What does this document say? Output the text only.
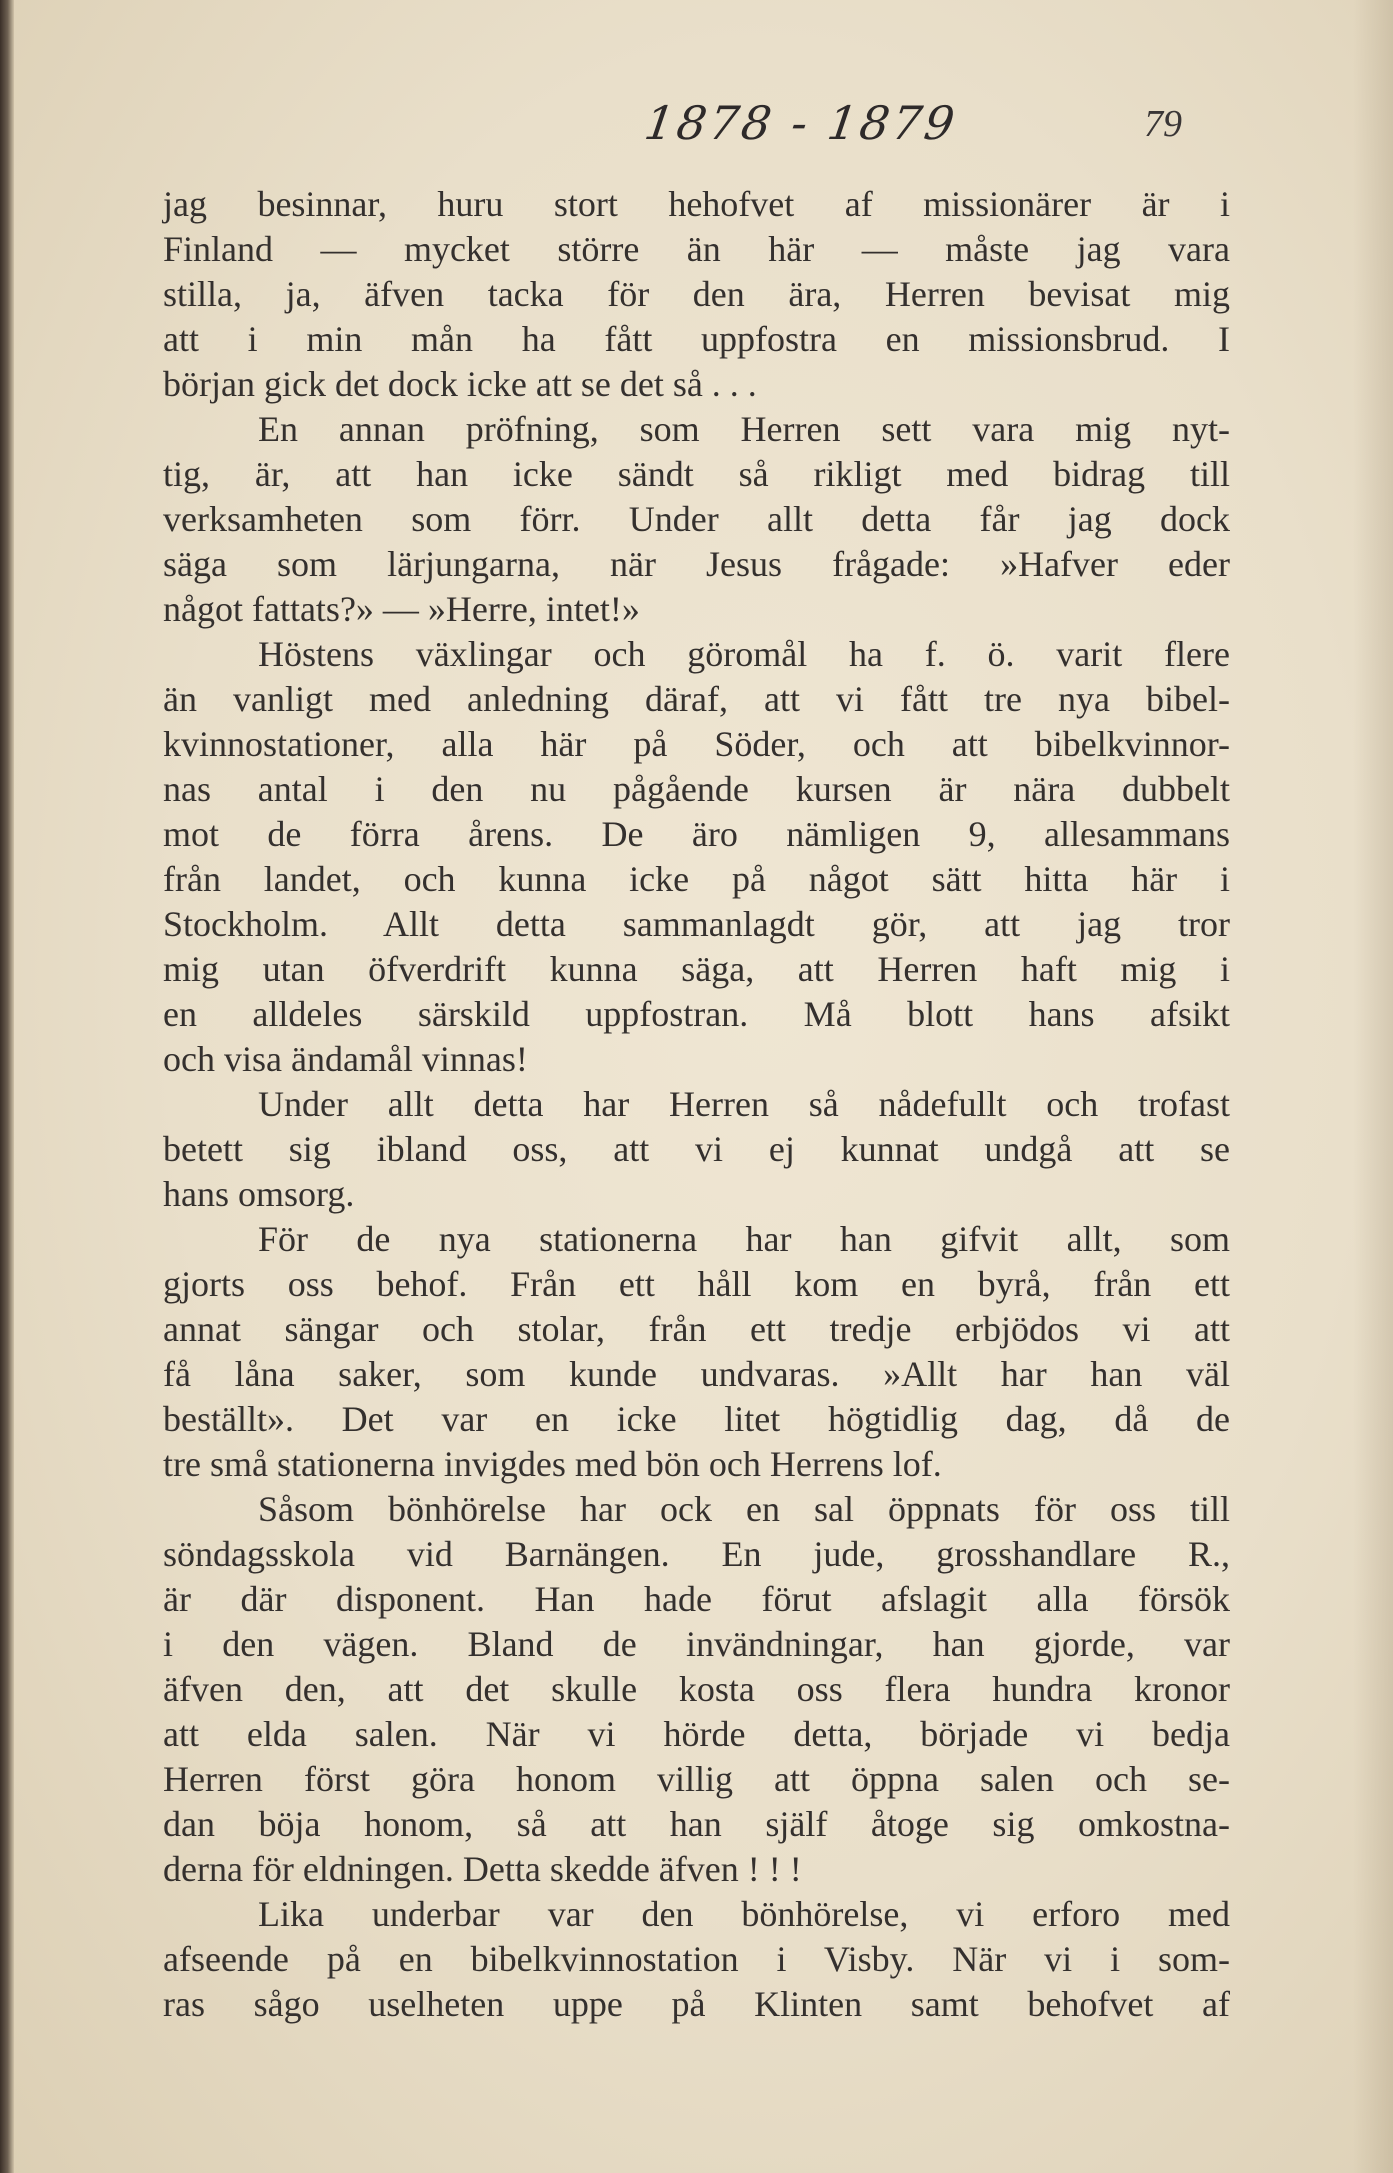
1878 - 1879	79
jag besinnar, huru stort hehofvet af missionärer är i
Finland — mycket större än här — måste jag vara
stilla, ja, äfven tacka för den ära, Herren bevisat mig
att i min mån ha fått uppfostra en missionsbrud. I
början gick det dock icke att se det så . . .
En annan pröfning, som Herren sett vara mig nyt-
tig, är, att han icke sändt så rikligt med bidrag till
verksamheten som förr. Under allt detta får jag dock
säga som lärjungarna, när Jesus frågade: »Hafver eder
något fattats?» — »Herre, intet!»
Höstens växlingar och göromål ha f. ö. varit flere
än vanligt med anledning däraf, att vi fått tre nya bibel-
kvinnostationer, alla här på Söder, och att bibelkvinnor-
nas antal i den nu pågående kursen är nära dubbelt
mot de förra årens. De äro nämligen 9, allesammans
från landet, och kunna icke på något sätt hitta här i
Stockholm. Allt detta sammanlagdt gör, att jag tror
mig utan öfverdrift kunna säga, att Herren haft mig i
en alldeles särskild uppfostran. Må blott hans afsikt
och visa ändamål vinnas!
Under allt detta har Herren så nådefullt och trofast
betett sig ibland oss, att vi ej kunnat undgå att se
hans omsorg.
För de nya stationerna har han gifvit allt, som
gjorts oss behof. Från ett håll kom en byrå, från ett
annat sängar och stolar, från ett tredje erbjödos vi att
få låna saker, som kunde undvaras. »Allt har han väl
beställt». Det var en icke litet högtidlig dag, då de
tre små stationerna invigdes med bön och Herrens lof.
Såsom bönhörelse har ock en sal öppnats för oss till
söndagsskola vid Barnängen. En jude, grosshandlare R.,
är där disponent. Han hade förut afslagit alla försök
i den vägen. Bland de invändningar, han gjorde, var
äfven den, att det skulle kosta oss flera hundra kronor
att elda salen. När vi hörde detta, började vi bedja
Herren först göra honom villig att öppna salen och se-
dan böja honom, så att han själf åtoge sig omkostna-
derna för eldningen. Detta skedde äfven ! ! !
Lika underbar var den bönhörelse, vi erforo med
afseende på en bibelkvinnostation i Visby. När vi i som-
ras sågo uselheten uppe på Klinten samt behofvet af
